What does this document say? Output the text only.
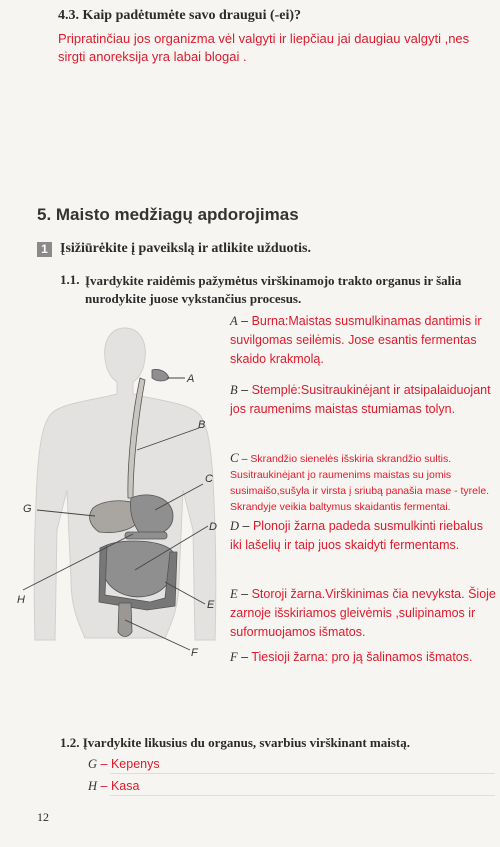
4.3. Kaip padėtumėte savo draugui (-ei)?
Pripratinčiau jos organizma vėl valgyti ir liepčiau jai daugiau valgyti ,nes sirgti anoreksija yra labai blogai .
5. Maisto medžiagų apdorojimas
1 Įsižiūrėkite į paveikslą ir atlikite užduotis.
1.1. Įvardykite raidėmis pažymėtus virškinamojo trakto organus ir šalia nurodykite juose vykstančius procesus.
A
B
C
D
E
F
G
H
A – Burna:Maistas susmulkinamas dantimis ir suvilgomas seilėmis. Jose esantis fermentas skaido krakmolą.
B – Stemplė:Susitraukinėjant ir atsipalaiduojant jos raumenims maistas stumiamas tolyn.
C – Skrandžio sienelės išskiria skrandžio sultis. Susitraukinėjant jo raumenims maistas su jomis susimaišo,sušyla ir virsta į sriubą panašia mase - tyrele. Skrandyje veikia baltymus skaidantis fermentai.
D – Plonoji žarna padeda susmulkinti riebalus iki lašelių ir taip juos skaidyti fermentams.
E – Storoji žarna.Virškinimas čia nevyksta. Šioje zarnoje išskiriamos gleivėmis ,sulipinamos ir suformuojamos išmatos.
F – Tiesioji žarna: pro ją šalinamos išmatos.
1.2. Įvardykite likusius du organus, svarbius virškinant maistą.
G – Kepenys
H – Kasa
12
